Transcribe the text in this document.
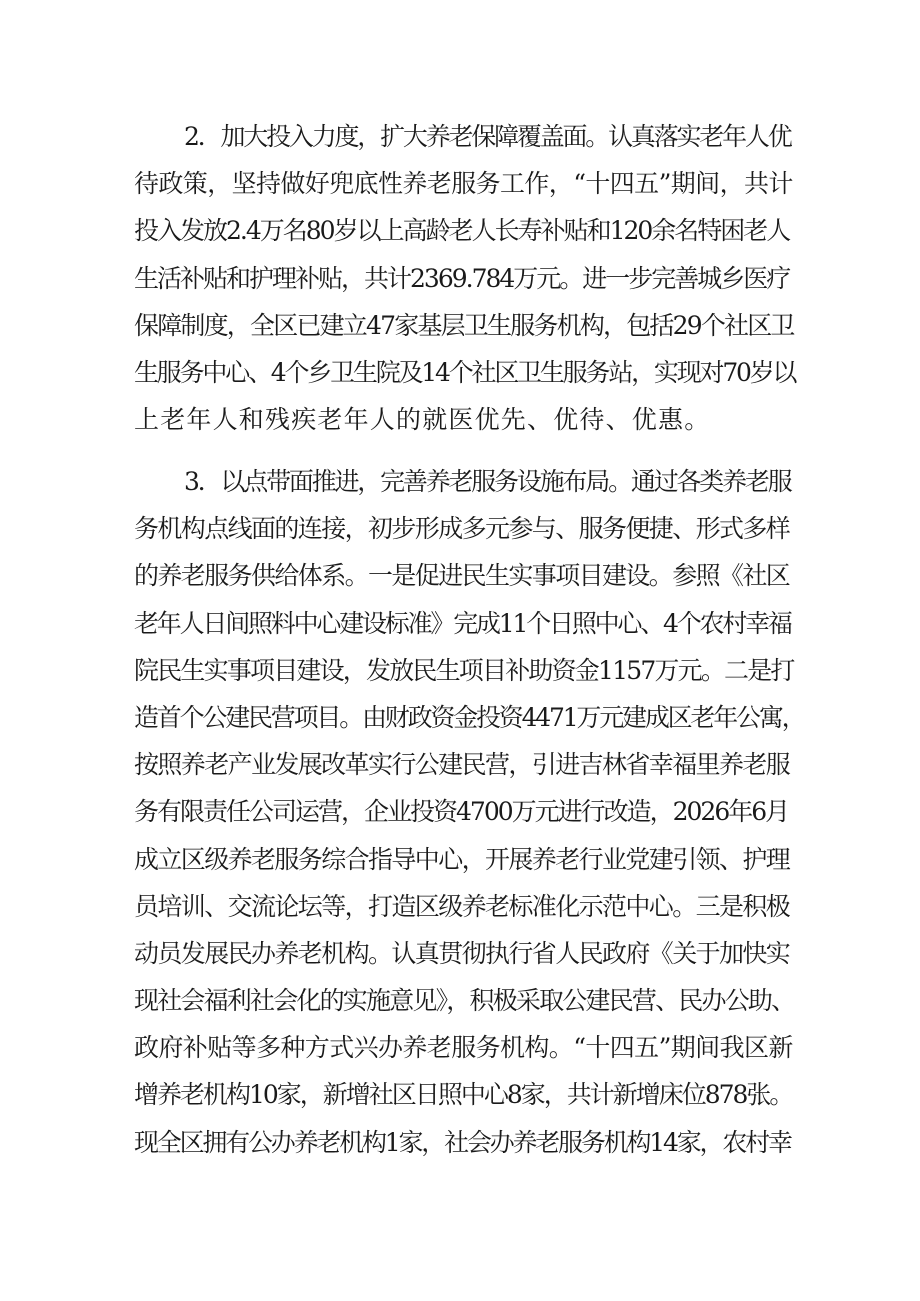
2．加大投入力度，扩大养老保障覆盖面。认真落实老年人优
待政策，坚持做好兜底性养老服务工作，“十四五”期间，共计
投入发放2.4万名80岁以上高龄老人长寿补贴和120余名特困老人
生活补贴和护理补贴，共计2369.784万元。进一步完善城乡医疗
保障制度，全区已建立47家基层卫生服务机构，包括29个社区卫
生服务中心、4个乡卫生院及14个社区卫生服务站，实现对70岁以
上老年人和残疾老年人的就医优先、优待、优惠。

3．以点带面推进，完善养老服务设施布局。通过各类养老服
务机构点线面的连接，初步形成多元参与、服务便捷、形式多样
的养老服务供给体系。一是促进民生实事项目建设。参照《社区
老年人日间照料中心建设标准》完成11个日照中心、4个农村幸福
院民生实事项目建设，发放民生项目补助资金1157万元。二是打
造首个公建民营项目。由财政资金投资4471万元建成区老年公寓，
按照养老产业发展改革实行公建民营，引进吉林省幸福里养老服
务有限责任公司运营，企业投资4700万元进行改造，2026年6月
成立区级养老服务综合指导中心，开展养老行业党建引领、护理
员培训、交流论坛等，打造区级养老标准化示范中心。三是积极
动员发展民办养老机构。认真贯彻执行省人民政府《关于加快实
现社会福利社会化的实施意见》，积极采取公建民营、民办公助、
政府补贴等多种方式兴办养老服务机构。“十四五”期间我区新
增养老机构10家，新增社区日照中心8家，共计新增床位878张。
现全区拥有公办养老机构1家，社会办养老服务机构14家，农村幸
